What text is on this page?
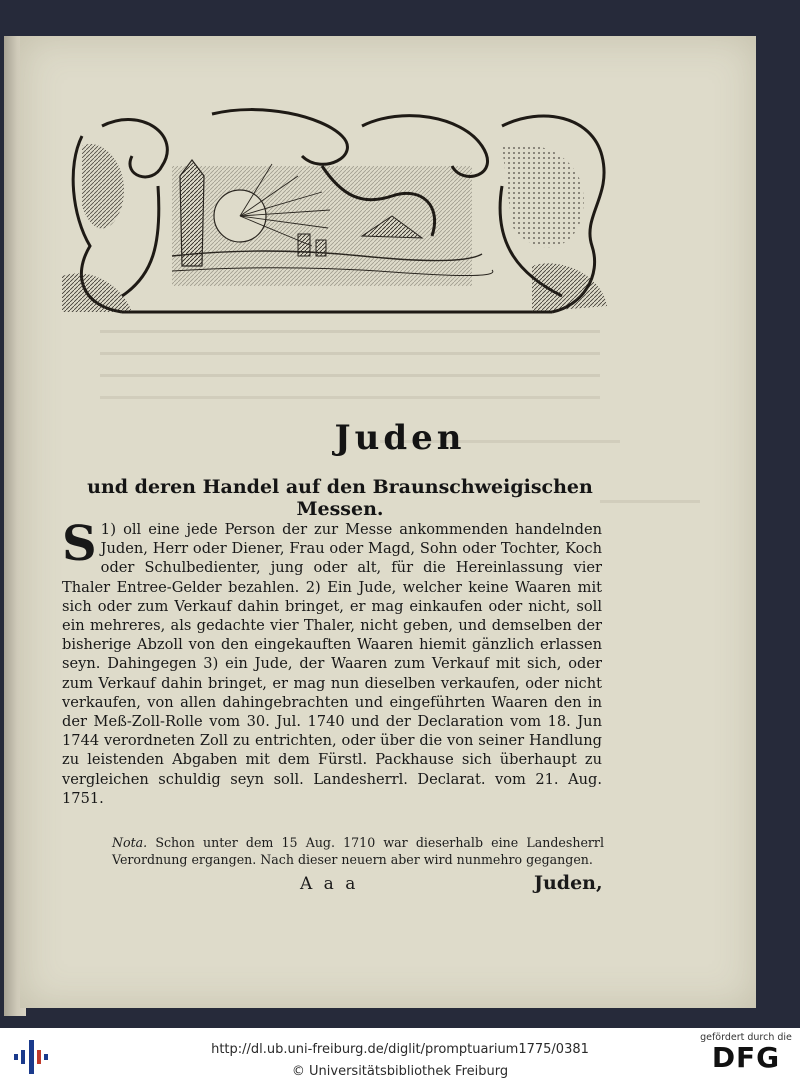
Juden
und deren Handel auf den Braunschweigischen Messen.

1)
S oll eine jede Person der zur Messe ankommenden handelnden Juden, Herr oder Diener, Frau oder Magd, Sohn oder Tochter, Koch oder Schulbedienter, jung oder alt, für die Hereinlassung vier Thaler Entree-Gelder bezahlen. 2) Ein Jude, welcher keine Waaren mit sich oder zum Verkauf dahin bringet, er mag einkaufen oder nicht, soll ein mehreres, als gedachte vier Thaler, nicht geben, und demselben der bisherige Abzoll von den eingekauften Waaren hiemit gänzlich erlassen seyn. Dahingegen 3) ein Jude, der Waaren zum Verkauf mit sich, oder zum Verkauf dahin bringet, er mag nun dieselben verkaufen, oder nicht verkaufen, von allen dahingebrachten und eingeführten Waaren den in der Meß-Zoll-Rolle vom 30. Jul. 1740 und der Declaration vom 18. Jun 1744 verordneten Zoll zu entrichten, oder über die von seiner Handlung zu leistenden Abgaben mit dem Fürstl. Packhause sich überhaupt zu vergleichen schuldig seyn soll. Landesherrl. Declarat. vom 21. Aug. 1751.

Nota. Schon unter dem 15 Aug. 1710 war dieserhalb eine Landesherrl Verordnung ergangen. Nach dieser neuern aber wird nunmehro gegangen.

A a a	Juden,
http://dl.ub.uni-freiburg.de/diglit/promptuarium1775/0381
© Universitätsbibliothek Freiburg
gefördert durch die
DFG
